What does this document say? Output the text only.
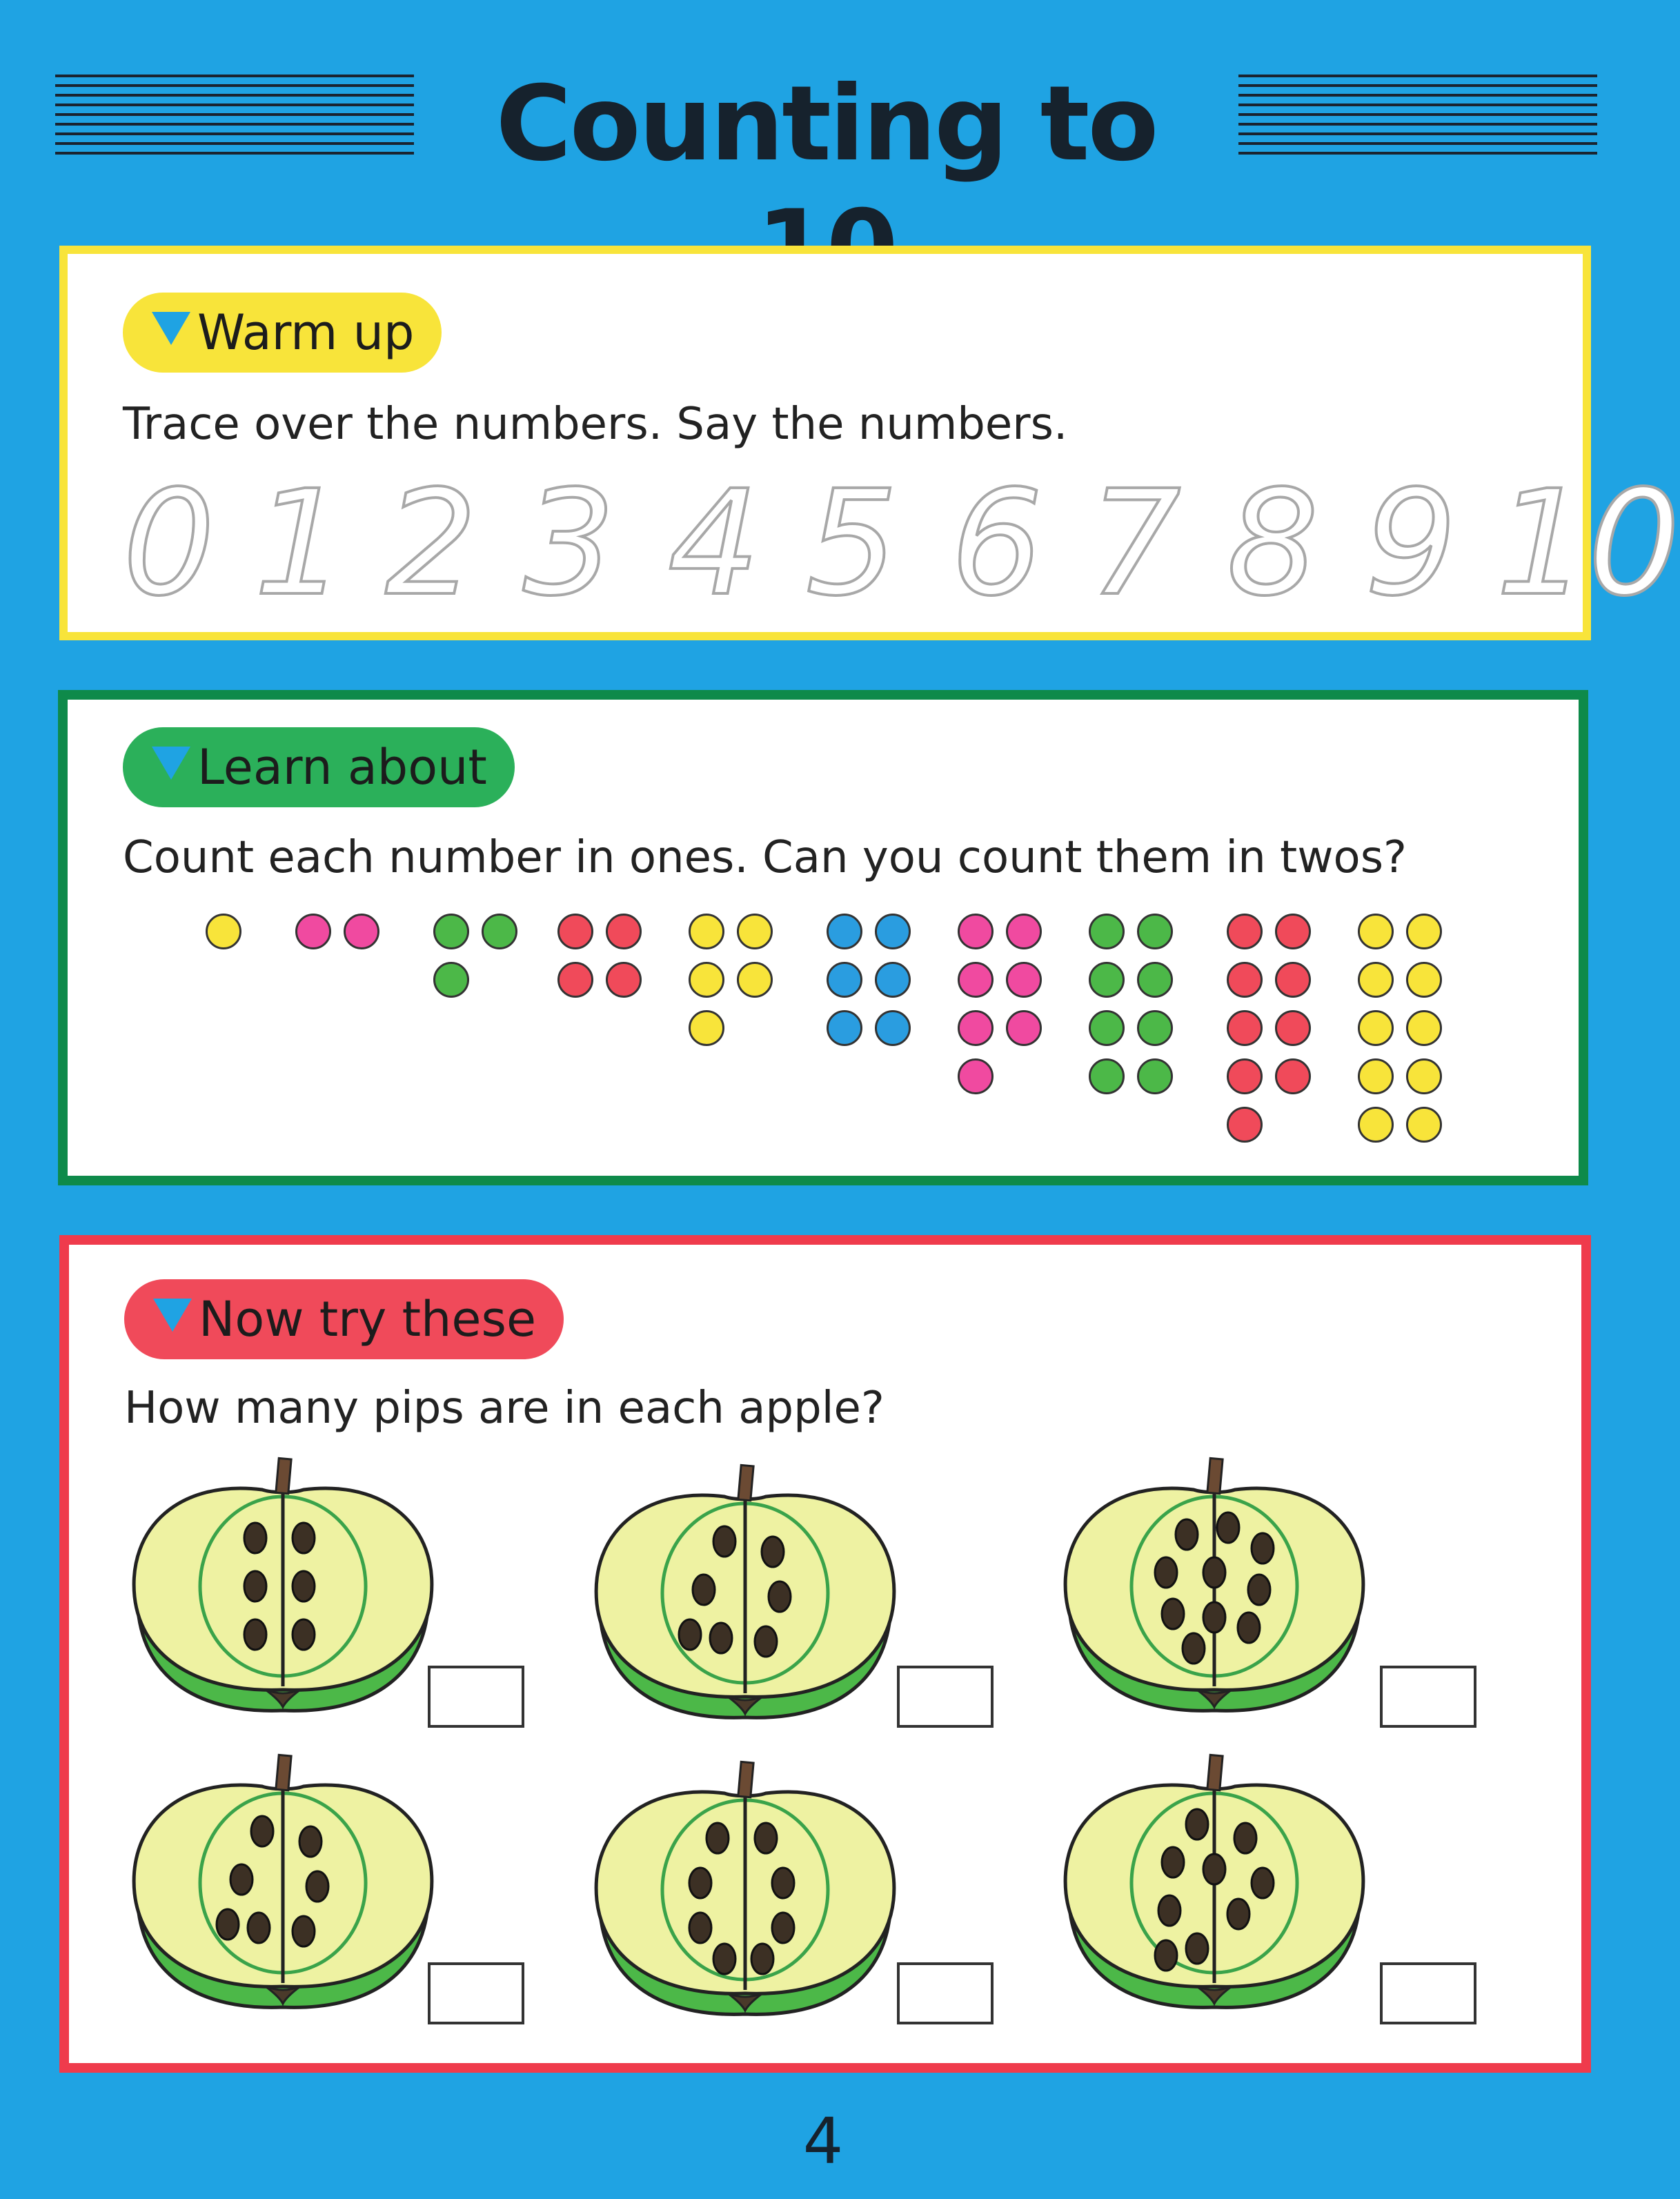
Counting to
Warm up
Trace over the numbers. Say the numbers.
0 1 2 3 4 5 6 7 8 9 10
Learn about
Count each number in ones. Can you count them in twos?
Now try these
How many pips are in each apple?
4
